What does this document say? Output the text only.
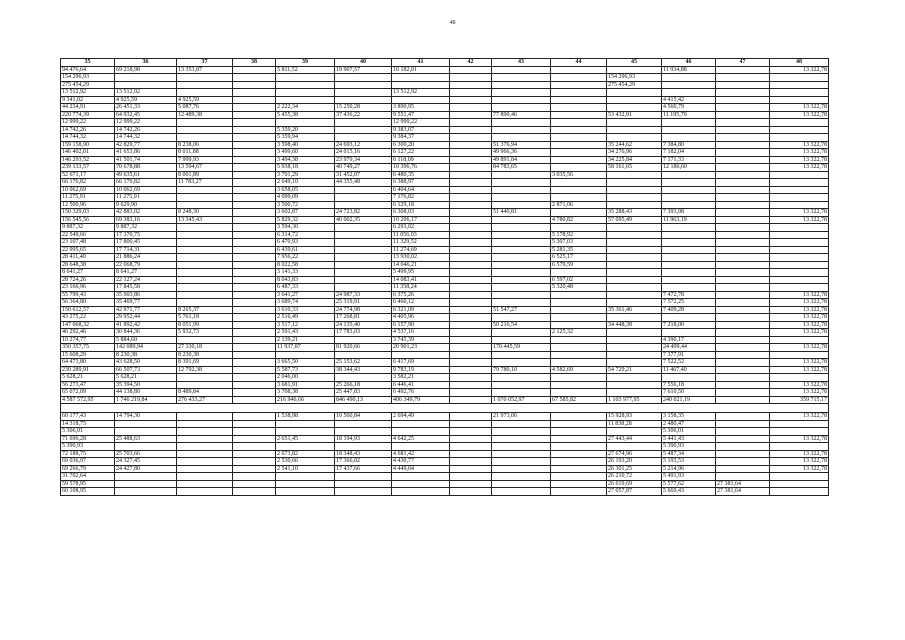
48
35	36	37	38	39	40	41	42	43	44	45	46	47	48
94 476,64	69 218,98	13 353,87		5 811,52	19 907,57	10 182,01					11 934,88		13 322,78
154 296,93										154 296,93			
275 454,29										275 454,29			
13 512,92	13 512,92					13 512,92							
9 341,02	4 925,59	4 925,59									4 415,42		
44 234,91	26 451,33	5 087,76		2 222,34	15 250,28	3 890,95					4 560,79		13 322,78
220 774,39	64 932,45	12 489,38		5 455,38	37 436,22	9 551,47		77 890,46		53 432,91	11 195,79		13 322,78
12 999,22	12 999,22					12 999,22							
14 742,26	14 742,26			5 359,20		9 383,07							
14 744,32	14 744,32			5 359,94		9 384,37							
159 158,90	42 829,77	8 238,06		3 598,40	24 693,12	6 300,20		51 376,94		35 244,62	7 384,80		13 322,78
146 402,01	41 653,86	8 011,88		3 499,60	24 015,16	6 127,22		49 966,36		34 276,96	7 182,04		13 322,78
146 293,52	41 501,74	7 999,93		3 494,38	23 979,34	6 118,09		49 891,84		34 225,84	7 171,33		13 322,78
239 133,57	70 678,88	13 594,67		5 938,18	40 749,27	10 396,76		84 783,65		58 161,65	12 186,60		13 322,78
52 671,17	49 635,61	8 001,89		3 701,29	31 452,07	6 480,35			3 035,56				
66 176,82	66 176,82	11 783,27		2 649,10	44 355,48	6 388,97							
10 062,69	10 062,69			3 658,05		6 404,64							
11 275,91	11 275,91			4 099,09		7 176,82							
12 500,96	9 629,90			3 500,72		6 129,18			2 871,06				
150 329,03	42 883,02	8 248,30		3 602,87	24 723,82	6 308,03		51 440,81		35 288,43	7 393,98		13 322,78
156 545,56	69 383,16	13 345,43		5 829,32	40 002,35	10 206,17			4 780,82	57 095,49	11 963,19		13 322,78
9 887,32	9 887,32			3 594,30		6 293,02							
22 549,66	17 370,75			6 314,72		11 056,03			5 178,92				
23 107,48	17 800,45			6 470,93		11 329,52			5 307,03				
22 995,65	17 714,31			6 439,61		11 274,69			5 281,35				
28 411,40	21 886,24			7 956,22		13 930,02			6 525,17				
28 648,38	22 068,79			8 022,58		14 046,21			6 579,59				
8 641,27	8 641,27			3 141,33		5 499,95							
28 724,26	22 127,24			8 043,83		14 083,41			6 597,02				
23 166,96	17 845,58			6 487,33		11 358,24			5 320,48				
55 799,43	35 003,86			3 641,27	24 987,33	6 375,26					7 472,78		13 322,78
56 364,80	35 469,77			3 689,74	25 319,91	6 460,12					7 572,25		13 322,78
150 612,57	42 971,77	8 265,37		3 610,33	24 774,98	6 321,09		51 547,27		35 361,46	7 409,28		13 322,78
43 275,22	29 952,44	5 761,18		2 516,49	17 268,81	4 405,96							13 322,78
147 068,32	41 892,42	8 051,99		3 517,12	24 135,40	6 157,90		50 216,54		34 448,38	7 218,00		13 322,78
46 292,46	30 844,36	5 932,73		2 591,43	17 783,03	4 537,16			2 125,32				13 322,78
10 274,77	5 884,60			2 139,21		3 745,39					4 390,17		
350 357,75	142 089,94	27 330,18		11 937,87	81 920,66	20 901,23		170 445,59			24 499,44		13 322,78
15 608,29	8 230,38	8 230,38									7 377,91		
64 473,80	43 628,50	8 391,69		3 665,50	25 153,62	6 417,69					7 522,52		13 322,78
230 289,91	66 507,73	12 792,38		5 587,73	38 344,43	9 783,19		79 780,10	4 582,69	54 729,21	11 467,40		13 322,78
5 628,21	5 628,21			2 046,00		3 582,21							
56 273,47	35 394,50			3 681,91	25 266,18	6 446,41					7 556,18		13 322,78
65 072,09	44 138,80	8 489,84		3 708,38	25 447,83	6 492,76					7 610,50		13 322,78
4 587 572,95	1 746 219,84	276 433,27		216 946,66	846 490,13	406 349,79		1 070 052,97	67 585,82	1 103 977,95	240 021,19		359 715,17

60 177,43	14 794,30			1 538,98	10 560,84	2 694,49		21 973,06		15 928,93	3 158,35		13 322,78
14 318,75										11 838,28	2 480,47		
5 306,01											5 306,01		
71 696,28	25 488,63			2 651,45	18 194,93	4 642,25				27 443,44	5 441,43		13 322,78
5 390,93											5 390,93		
72 188,75	25 703,66			2 673,82	18 348,43	4 681,42				27 674,96	5 487,34		13 322,78
69 036,97	24 327,45			2 530,66	17 366,02	4 430,77				26 193,20	5 193,53		13 322,78
69 266,79	24 427,80			2 541,10	17 437,66	4 449,04				26 301,25	5 214,96		13 322,78
31 702,64										26 210,72	5 491,93		
59 578,95										26 619,69	5 577,62	27 381,64	
60 108,95										27 057,87	5 669,43	27 381,64	
